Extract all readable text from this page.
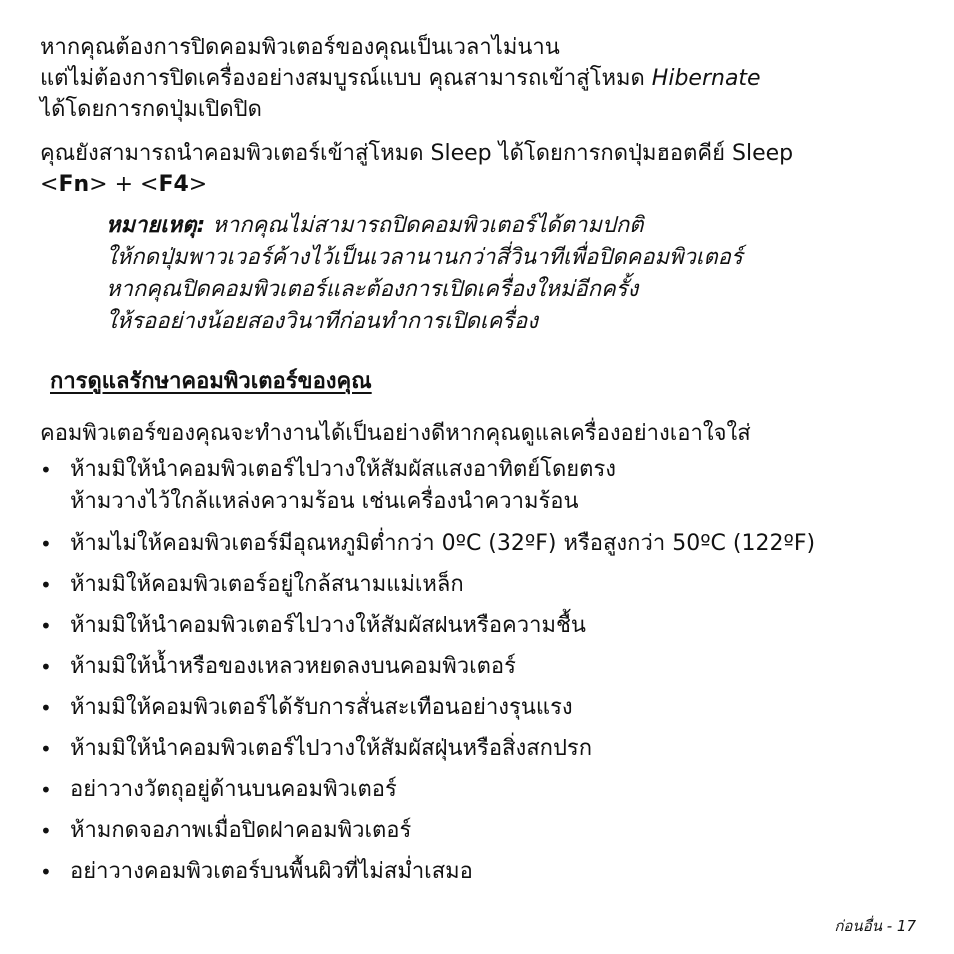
หากคุณต้องการปิดคอมพิวเตอร์ของคุณเป็นเวลาไม่นาน
แต่ไม่ต้องการปิดเครื่องอย่างสมบูรณ์แบบ คุณสามารถเข้าสู่โหมด Hibernate
ได้โดยการกดปุ่มเปิดปิด

คุณยังสามารถนำคอมพิวเตอร์เข้าสู่โหมด Sleep ได้โดยการกดปุ่มฮอตคีย์ Sleep
<Fn> + <F4>

หมายเหตุ: หากคุณไม่สามารถปิดคอมพิวเตอร์ได้ตามปกติ
ให้กดปุ่มพาวเวอร์ค้างไว้เป็นเวลานานกว่าสี่วินาทีเพื่อปิดคอมพิวเตอร์
หากคุณปิดคอมพิวเตอร์และต้องการเปิดเครื่องใหม่อีกครั้ง
ให้รออย่างน้อยสองวินาทีก่อนทำการเปิดเครื่อง
การดูแลรักษาคอมพิวเตอร์ของคุณ

คอมพิวเตอร์ของคุณจะทำงานได้เป็นอย่างดีหากคุณดูแลเครื่องอย่างเอาใจใส่

• ห้ามมิให้นำคอมพิวเตอร์ไปวางให้สัมผัสแสงอาทิตย์โดยตรง
ห้ามวางไว้ใกล้แหล่งความร้อน เช่นเครื่องนำความร้อน
• ห้ามไม่ให้คอมพิวเตอร์มีอุณหภูมิต่ำกว่า 0ºC (32ºF) หรือสูงกว่า 50ºC (122ºF)
• ห้ามมิให้คอมพิวเตอร์อยู่ใกล้สนามแม่เหล็ก
• ห้ามมิให้นำคอมพิวเตอร์ไปวางให้สัมผัสฝนหรือความชื้น
• ห้ามมิให้น้ำหรือของเหลวหยดลงบนคอมพิวเตอร์
• ห้ามมิให้คอมพิวเตอร์ได้รับการสั่นสะเทือนอย่างรุนแรง
• ห้ามมิให้นำคอมพิวเตอร์ไปวางให้สัมผัสฝุ่นหรือสิ่งสกปรก
• อย่าวางวัตถุอยู่ด้านบนคอมพิวเตอร์
• ห้ามกดจอภาพเมื่อปิดฝาคอมพิวเตอร์
• อย่าวางคอมพิวเตอร์บนพื้นผิวที่ไม่สม่ำเสมอ
ก่อนอื่น - 17
